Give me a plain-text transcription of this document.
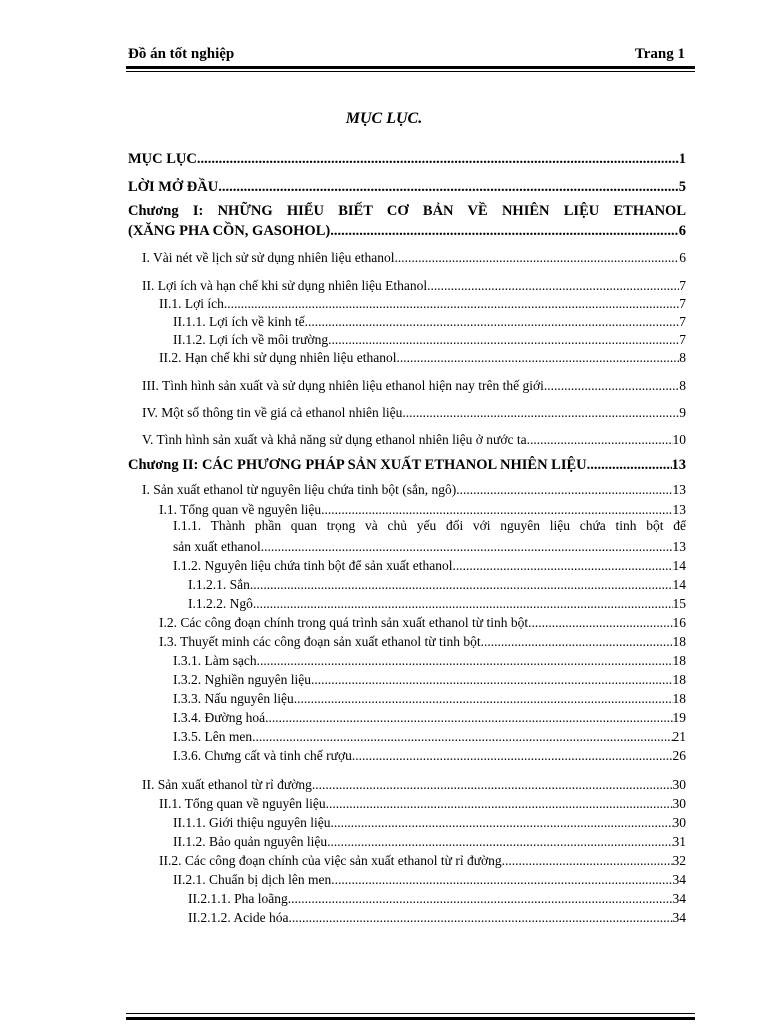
Đồ án tốt nghiệp	Trang 1
MỤC LỤC.
MỤC LỤC. .....	1
LỜI MỞ ĐẦU. .....	5
Chương I: NHỮNG HIỂU BIẾT CƠ BẢN VỀ NHIÊN LIỆU ETHANOL
(XĂNG PHA CỒN, GASOHOL). .....	6
I. Vài nét về lịch sử sử dụng nhiên liệu ethanol. .....	6
II. Lợi ích và hạn chế khi sử dụng nhiên liệu Ethanol. .....	7
II.1. Lợi ích. .....	7
II.1.1. Lợi ích về kinh tế. .....	7
II.1.2. Lợi ích về môi trường. .....	7
II.2. Hạn chế khi sử dụng nhiên liệu ethanol. .....	8
III. Tình hình sản xuất và sử dụng nhiên liệu ethanol hiện nay trên thế giới. .....	8
IV. Một số thông tin về giá cả ethanol nhiên liệu. .....	9
V. Tình hình sản xuất và khả năng sử dụng ethanol nhiên liệu ở nước ta. .....	10
Chương II: CÁC PHƯƠNG PHÁP SẢN XUẤT ETHANOL NHIÊN LIỆU. .....	13
I. Sản xuất ethanol từ nguyên liệu chứa tinh bột (sắn, ngô). .....	13
I.1. Tổng quan về nguyên liệu. .....	13
I.1.1. Thành phần quan trọng và chủ yếu đối với nguyên liệu chứa tinh bột để
sản xuất ethanol. .....	13
I.1.2. Nguyên liệu chứa tinh bột để sản xuất ethanol. .....	14
I.1.2.1. Sắn. .....	14
I.1.2.2. Ngô. .....	15
I.2. Các công đoạn chính trong quá trình sản xuất ethanol từ tinh bột. .....	16
I.3. Thuyết minh các công đoạn sản xuất ethanol từ tinh bột. .....	18
I.3.1. Làm sạch. .....	18
I.3.2. Nghiền nguyên liệu. .....	18
I.3.3. Nấu nguyên liệu. .....	18
I.3.4. Đường hoá. .....	19
I.3.5. Lên men. .....	21
I.3.6. Chưng cất và tinh chế rượu. .....	26
II. Sản xuất ethanol từ rỉ đường. .....	30
II.1. Tổng quan về nguyên liệu. .....	30
II.1.1. Giới thiệu nguyên liệu. .....	30
II.1.2. Bảo quản nguyên liệu. .....	31
II.2. Các công đoạn chính của việc sản xuất ethanol từ rỉ đường. .....	32
II.2.1. Chuẩn bị dịch lên men. .....	34
II.2.1.1. Pha loãng. .....	34
II.2.1.2. Acide hóa. .....	34
